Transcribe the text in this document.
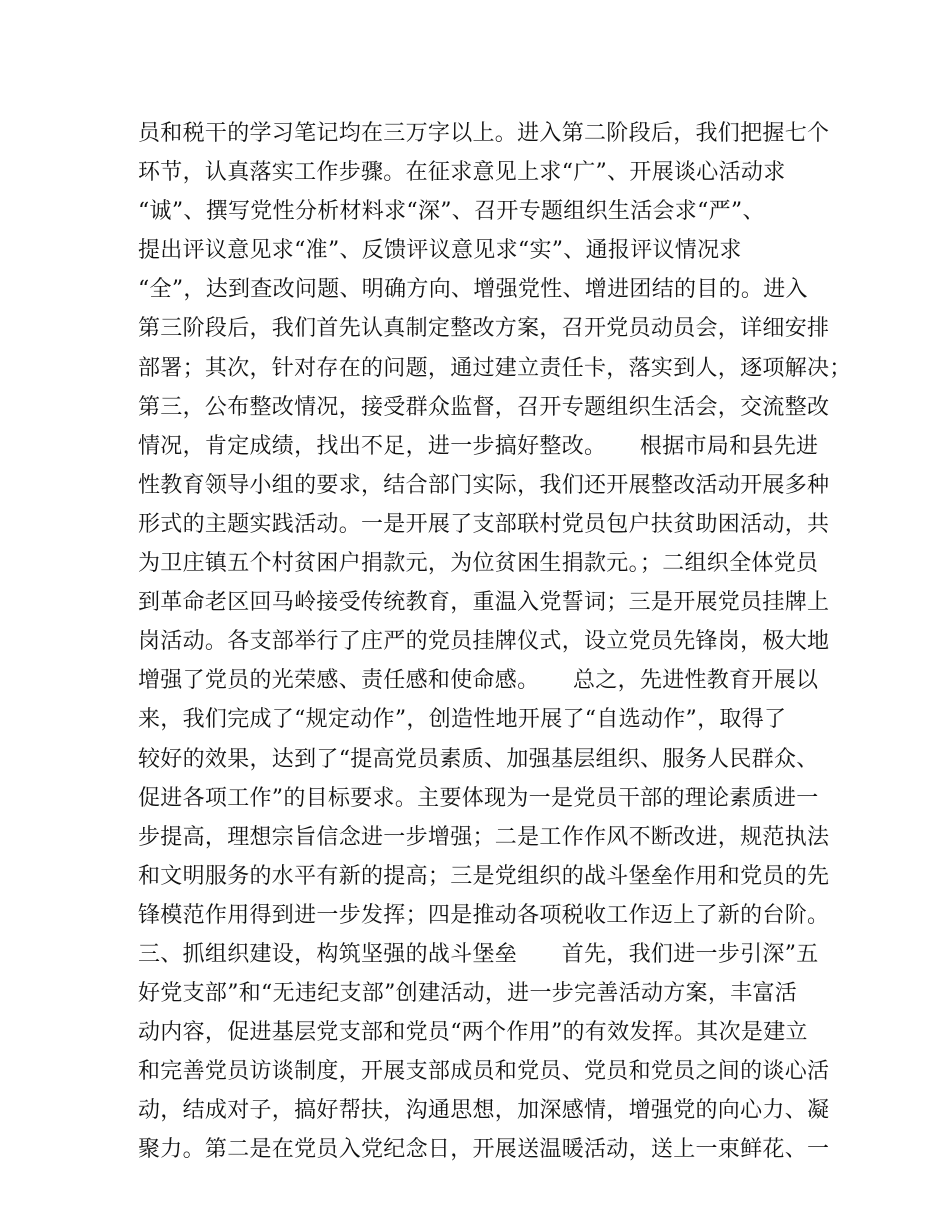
员和税干的学习笔记均在三万字以上。进入第二阶段后，我们把握七个
环节，认真落实工作步骤。在征求意见上求“广”、开展谈心活动求
“诚”、撰写党性分析材料求“深”、召开专题组织生活会求“严”、
提出评议意见求“准”、反馈评议意见求“实”、通报评议情况求
“全”，达到查改问题、明确方向、增强党性、增进团结的目的。进入
第三阶段后，我们首先认真制定整改方案，召开党员动员会，详细安排
部署；其次，针对存在的问题，通过建立责任卡，落实到人，逐项解决；
第三，公布整改情况，接受群众监督，召开专题组织生活会，交流整改
情况，肯定成绩，找出不足，进一步搞好整改。　　根据市局和县先进
性教育领导小组的要求，结合部门实际，我们还开展整改活动开展多种
形式的主题实践活动。一是开展了支部联村党员包户扶贫助困活动，共
为卫庄镇五个村贫困户捐款元，为位贫困生捐款元。；二组织全体党员
到革命老区回马岭接受传统教育，重温入党誓词；三是开展党员挂牌上
岗活动。各支部举行了庄严的党员挂牌仪式，设立党员先锋岗，极大地
增强了党员的光荣感、责任感和使命感。　　总之，先进性教育开展以
来，我们完成了“规定动作”，创造性地开展了“自选动作”，取得了
较好的效果，达到了“提高党员素质、加强基层组织、服务人民群众、
促进各项工作”的目标要求。主要体现为一是党员干部的理论素质进一
步提高，理想宗旨信念进一步增强；二是工作作风不断改进，规范执法
和文明服务的水平有新的提高；三是党组织的战斗堡垒作用和党员的先
锋模范作用得到进一步发挥；四是推动各项税收工作迈上了新的台阶。
三、抓组织建设，构筑坚强的战斗堡垒　　首先，我们进一步引深”五
好党支部”和“无违纪支部”创建活动，进一步完善活动方案，丰富活
动内容，促进基层党支部和党员“两个作用”的有效发挥。其次是建立
和完善党员访谈制度，开展支部成员和党员、党员和党员之间的谈心活
动，结成对子，搞好帮扶，沟通思想，加深感情，增强党的向心力、凝
聚力。第二是在党员入党纪念日，开展送温暖活动，送上一束鲜花、一
